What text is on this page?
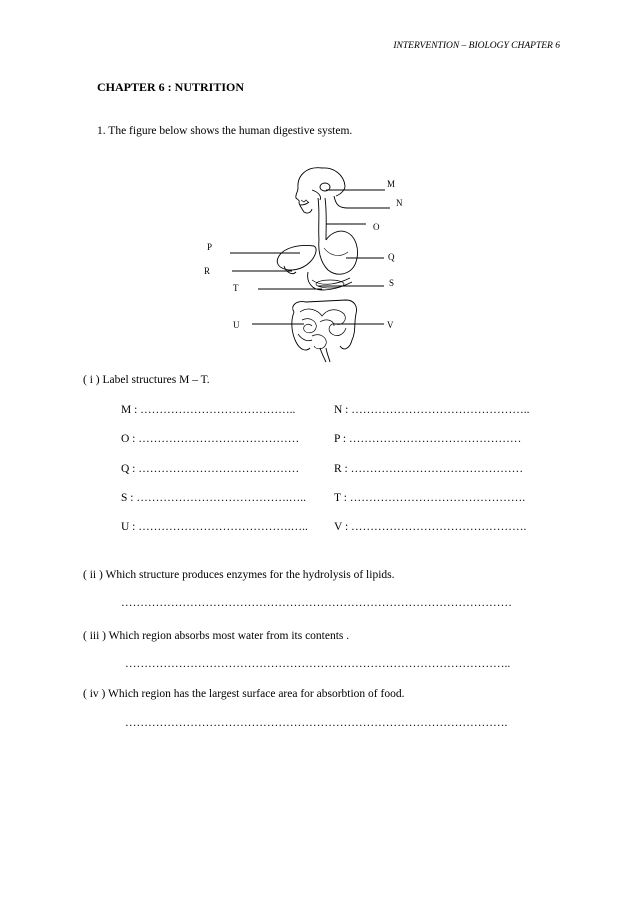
INTERVENTION – BIOLOGY CHAPTER 6
CHAPTER 6 : NUTRITION
1. The figure below shows the human digestive system.
M
N
O
P
Q
R
S
T
U	V
( i ) Label structures M – T.
M : …………………………………..	N : ………………………………………..
O : ……………………………………	P : ………………………………………
Q : ……………………………………	R : ………………………………………
S : ………………………………….….. T : ……………………………………….
U : ………………………………….….. V : ……………………………………….
( ii ) Which structure produces enzymes for the hydrolysis of lipids.
…………………………………………………………………………………………
( iii ) Which region absorbs most water from its contents .
………………………………………………………………………………………..
( iv ) Which region has the largest surface area for absorbtion of food.
……………………………………………………………………………………….
